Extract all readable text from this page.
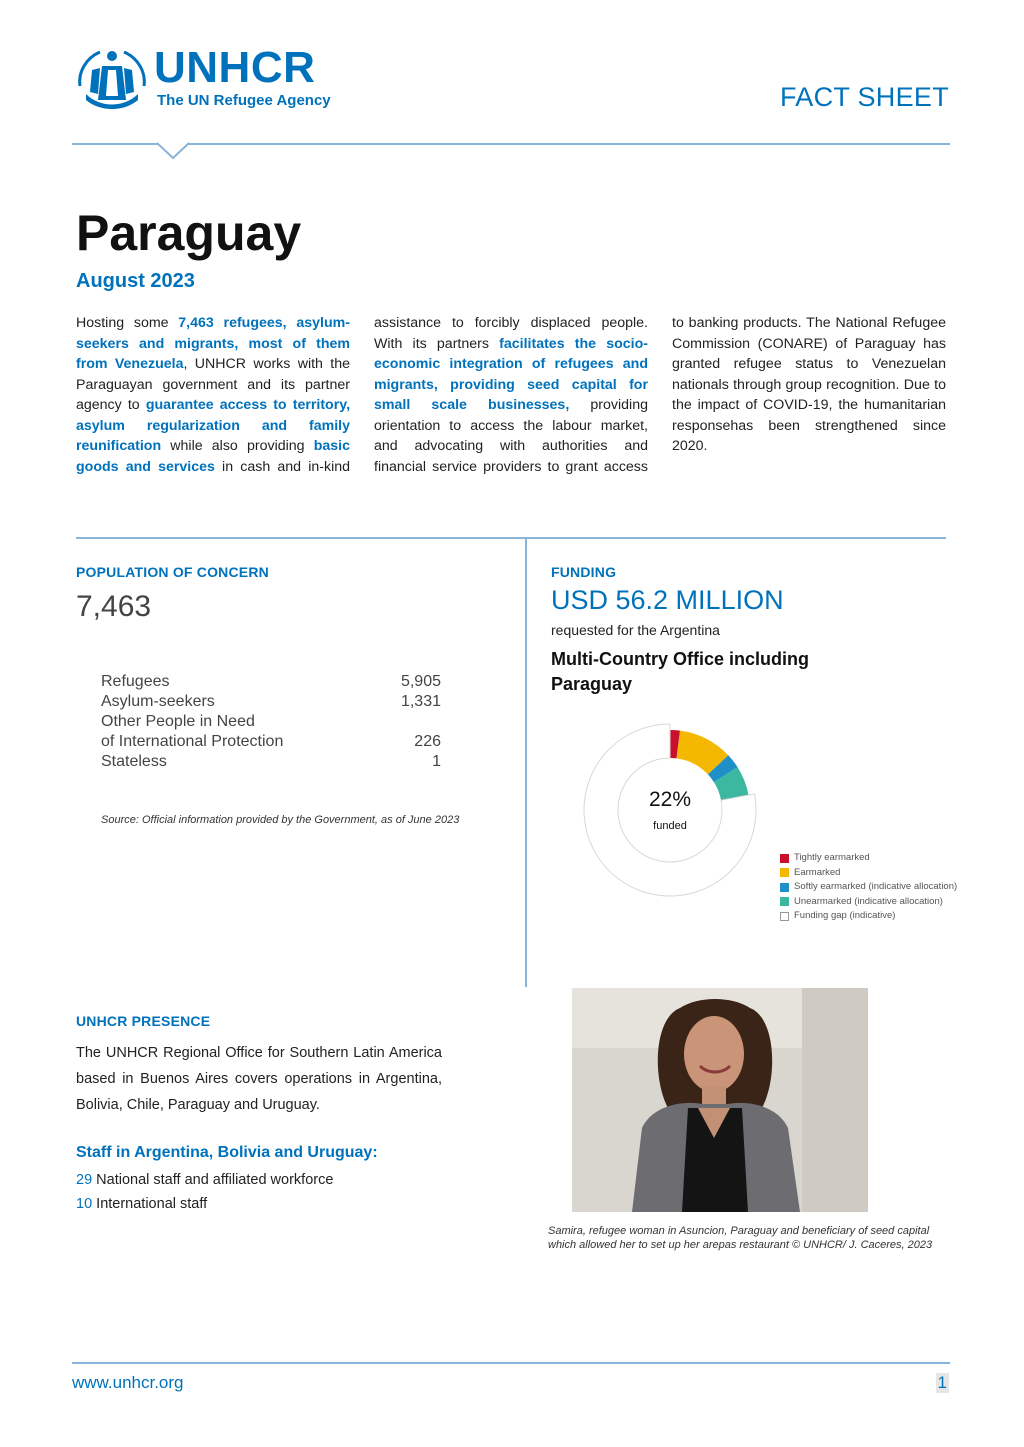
UNHCR
The UN Refugee Agency	FACT SHEET
Paraguay
August 2023
Hosting some 7,463 refugees, asylum-seekers and migrants, most of them from Venezuela, UNHCR works with the Paraguayan government and its partner agency to guarantee access to territory, asylum regularization and family reunification while also providing basic goods and services in cash and in-kind assistance to forcibly displaced people. With its partners facilitates the socio-economic integration of refugees and migrants, providing seed capital for small scale businesses, providing orientation to access the labour market, and advocating with authorities and financial service providers to grant access to banking products. The National Refugee Commission (CONARE) of Paraguay has granted refugee status to Venezuelan nationals through group recognition. Due to the impact of COVID-19, the humanitarian responsehas been strengthened since 2020.
POPULATION OF CONCERN
7,463
Refugees	5,905
Asylum-seekers	1,331
Other People in Need	
of International Protection	226
Stateless	1
Source: Official information provided by the Government, as of June 2023
FUNDING
USD 56.2 MILLION
requested for the Argentina
Multi-Country Office including Paraguay
22%
funded
Tightly earmarked
Earmarked
Softly earmarked (indicative allocation)
Unearmarked (indicative allocation)
Funding gap (indicative)
UNHCR PRESENCE
The UNHCR Regional Office for Southern Latin America based in Buenos Aires covers operations in Argentina, Bolivia, Chile, Paraguay and Uruguay.
Staff in Argentina, Bolivia and Uruguay:
29 National staff and affiliated workforce
10 International staff
Samira, refugee woman in Asuncion, Paraguay and beneficiary of seed capital which allowed her to set up her arepas restaurant © UNHCR/ J. Caceres, 2023
www.unhcr.org	1
